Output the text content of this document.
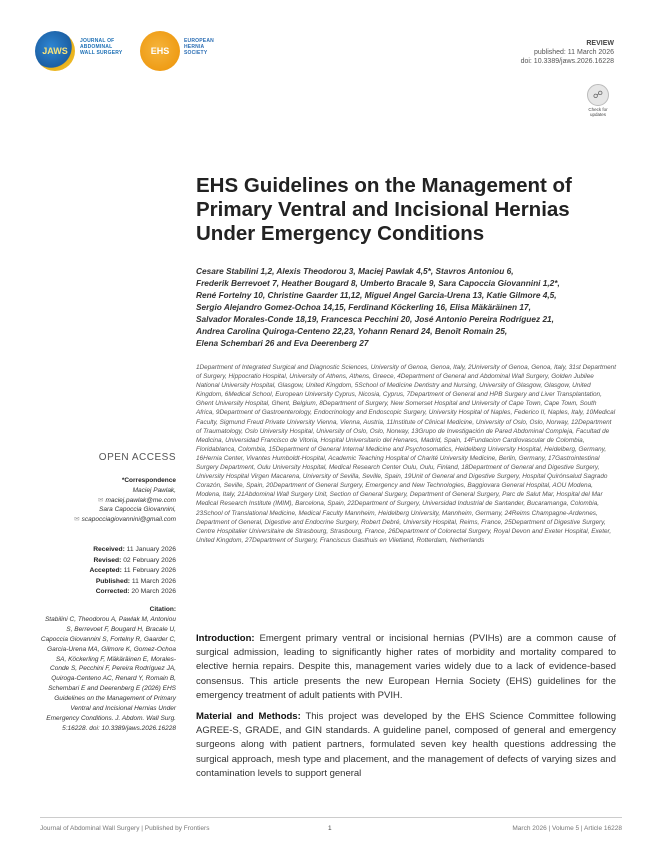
JAWS
JOURNAL OF
ABDOMINAL
WALL SURGERY	EHS
EUROPEAN
HERNIA
SOCIETY
REVIEW
published: 11 March 2026
doi: 10.3389/jaws.2026.16228
☍
Check for
updates
EHS Guidelines on the Management of Primary Ventral and Incisional Hernias Under Emergency Conditions
Cesare Stabilini 1,2, Alexis Theodorou 3, Maciej Pawlak 4,5*, Stavros Antoniou 6,
Frederik Berrevoet 7, Heather Bougard 8, Umberto Bracale 9, Sara Capoccia Giovannini 1,2*,
René Fortelny 10, Christine Gaarder 11,12, Miguel Angel Garcia-Urena 13, Katie Gilmore 4,5,
Sergio Alejandro Gomez-Ochoa 14,15, Ferdinand Köckerling 16, Elisa Mäkäräinen 17,
Salvador Morales-Conde 18,19, Francesca Pecchini 20, José Antonio Pereira Rodríguez 21,
Andrea Carolina Quiroga-Centeno 22,23, Yohann Renard 24, Benoît Romain 25,
Elena Schembari 26 and Eva Deerenberg 27
1Department of Integrated Surgical and Diagnostic Sciences, University of Genoa, Genoa, Italy, 2University of Genoa, Genoa, Italy, 31st Department of Surgery, Hippocratio Hospital, University of Athens, Athens, Greece, 4Department of General and Abdominal Wall Surgery, Golden Jubilee National University Hospital, Glasgow, United Kingdom, 5School of Medicine Dentistry and Nursing, University of Glasgow, Glasgow, United Kingdom, 6Medical School, European University Cyprus, Nicosia, Cyprus, 7Department of General and HPB Surgery and Liver Transplantation, Ghent University Hospital, Ghent, Belgium, 8Department of Surgery, New Somerset Hospital and University of Cape Town, Cape Town, South Africa, 9Department of Gastroenterology, Endocrinology and Endoscopic Surgery, University Hospital of Naples, Federico II, Naples, Italy, 10Medical Faculty, Sigmund Freud Private University Vienna, Vienna, Austria, 11Institute of Clinical Medicine, University of Oslo, Oslo, Norway, 12Department of Traumatology, Oslo University Hospital, University of Oslo, Oslo, Norway, 13Grupo de Investigación de Pared Abdominal Compleja, Facultad de Medicina, Universidad Francisco de Vitoria, Hospital Universitario del Henares, Madrid, Spain, 14Fundacion Cardiovascular de Colombia, Floridablanca, Colombia, 15Department of General Internal Medicine and Psychosomatics, Heidelberg University Hospital, Heidelberg, Germany, 16Hernia Center, Vivantes Humboldt-Hospital, Academic Teaching Hospital of Charité University Medicine, Berlin, Germany, 17Gastrointestinal Surgery Department, Oulu University Hospital, Medical Research Center Oulu, Oulu, Finland, 18Department of General and Digestive Surgery, University Hospital Virgen Macarena, University of Sevilla, Seville, Spain, 19Unit of General and Digestive Surgery, Hospital Quirónsalud Sagrado Corazón, Seville, Spain, 20Department of General Surgery, Emergency and New Technologies, Baggiovara General Hospital, AOU Modena, Modena, Italy, 21Abdominal Wall Surgery Unit, Section of General Surgery, Department of General Surgery, Parc de Salut Mar, Hospital del Mar Medical Research Institute (IMIM), Barcelona, Spain, 22Department of Surgery, Universidad Industrial de Santander, Bucaramanga, Colombia, 23School of Translational Medicine, Medical Faculty Mannheim, Heidelberg University, Mannheim, Germany, 24Reims Champagne-Ardennes, Department of General, Digestive and Endocrine Surgery, Robert Debré, University Hospital, Reims, France, 25Department of Digestive Surgery, Centre Hospitalier Universitaire de Strasbourg, Strasbourg, France, 26Department of Colorectal Surgery, Royal Devon and Exeter Hospital, Exeter, United Kingdom, 27Department of Surgery, Franciscus Gasthuis en Vlietland, Rotterdam, Netherlands
OPEN ACCESS
*Correspondence
Maciej Pawlak,
✉ maciej.pawlak@me.com
Sara Capoccia Giovannini,
✉ scapocciagiovannini@gmail.com
Received: 11 January 2026
Revised: 02 February 2026
Accepted: 11 February 2026
Published: 11 March 2026
Corrected: 20 March 2026
Citation:
Stabilini C, Theodorou A, Pawlak M, Antoniou S, Berrevoet F, Bougard H, Bracale U, Capoccia Giovannini S, Fortelny R, Gaarder C, Garcia-Urena MA, Gilmore K, Gomez-Ochoa SA, Köckerling F, Mäkäräinen E, Morales-Conde S, Pecchini F, Pereira Rodríguez JA, Quiroga-Centeno AC, Renard Y, Romain B, Schembari E and Deerenberg E (2026) EHS Guidelines on the Management of Primary Ventral and Incisional Hernias Under Emergency Conditions. J. Abdom. Wall Surg. 5:16228. doi: 10.3389/jaws.2026.16228

Introduction: Emergent primary ventral or incisional hernias (PVIHs) are a common cause of surgical admission, leading to significantly higher rates of morbidity and mortality compared to elective hernia repairs. Despite this, management varies widely due to a lack of evidence-based consensus. This article presents the new European Hernia Society (EHS) guidelines for the emergency treatment of adult patients with PVIH.

Material and Methods: This project was developed by the EHS Science Committee following AGREE-S, GRADE, and GIN standards. A guideline panel, composed of general and emergency surgeons along with patient partners, formulated seven key health questions addressing the surgical approach, mesh type and placement, and the management of defects of varying sizes and contamination levels to support general

Journal of Abdominal Wall Surgery | Published by Frontiers	1	March 2026 | Volume 5 | Article 16228
